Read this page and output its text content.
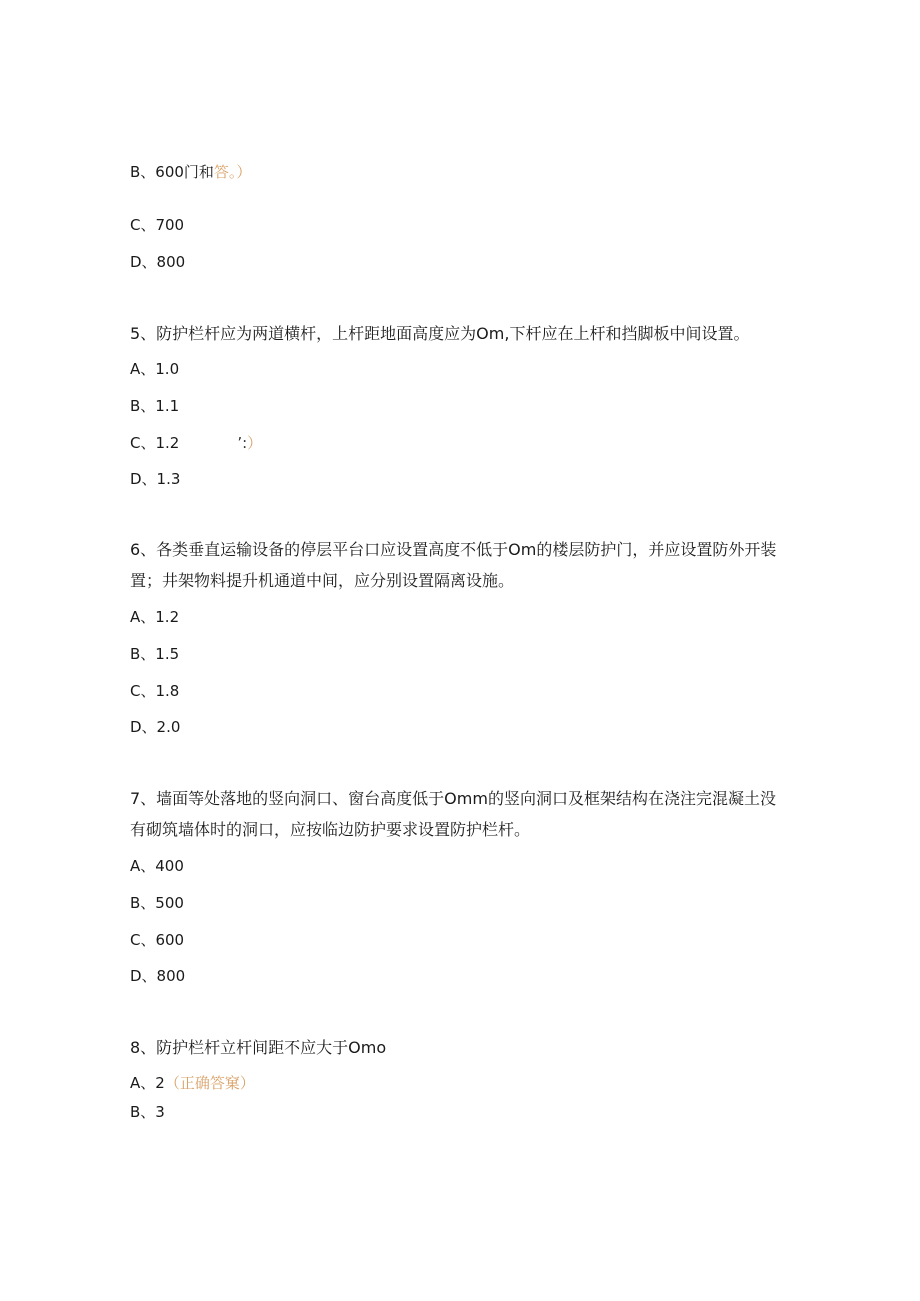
B、600门和答。）
C、700
D、800
5、防护栏杆应为两道横杆，上杆距地面高度应为Om,下杆应在上杆和挡脚板中间设置。
A、1.0
B、1.1
C、1.2	’:）
D、1.3
6、各类垂直运输设备的停层平台口应设置高度不低于Om的楼层防护门，并应设置防外开装置；井架物料提升机通道中间，应分别设置隔离设施。
A、1.2
B、1.5
C、1.8
D、2.0
7、墙面等处落地的竖向洞口、窗台高度低于Omm的竖向洞口及框架结构在浇注完混凝土没有砌筑墙体时的洞口，应按临边防护要求设置防护栏杆。
A、400
B、500
C、600
D、800
8、防护栏杆立杆间距不应大于Omo
A、2（正确答窠）
B、3
